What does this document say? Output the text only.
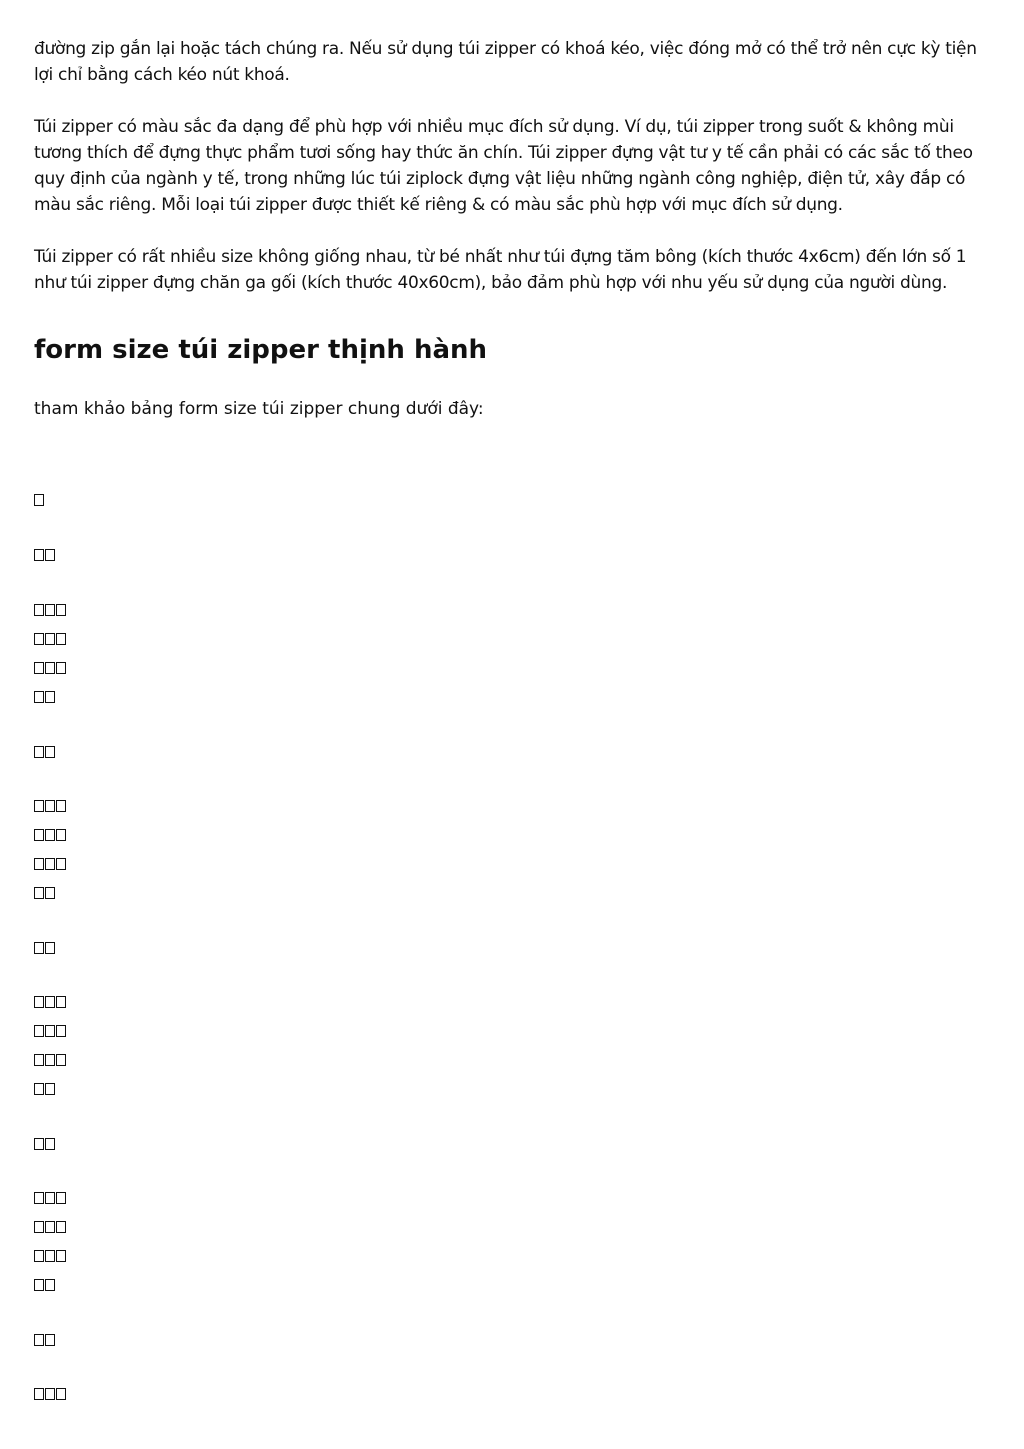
đường zip gắn lại hoặc tách chúng ra. Nếu sử dụng túi zipper có khoá kéo, việc đóng mở có thể trở nên cực kỳ tiện lợi chỉ bằng cách kéo nút khoá.

Túi zipper có màu sắc đa dạng để phù hợp với nhiều mục đích sử dụng. Ví dụ, túi zipper trong suốt & không mùi tương thích để đựng thực phẩm tươi sống hay thức ăn chín. Túi zipper đựng vật tư y tế cần phải có các sắc tố theo quy định của ngành y tế, trong những lúc túi ziplock đựng vật liệu những ngành công nghiệp, điện tử, xây đắp có màu sắc riêng. Mỗi loại túi zipper được thiết kế riêng & có màu sắc phù hợp với mục đích sử dụng.

Túi zipper có rất nhiều size không giống nhau, từ bé nhất như túi đựng tăm bông (kích thước 4x6cm) đến lớn số 1 như túi zipper đựng chăn ga gối (kích thước 40x60cm), bảo đảm phù hợp với nhu yếu sử dụng của người dùng.

form size túi zipper thịnh hành

tham khảo bảng form size túi zipper chung dưới đây:
